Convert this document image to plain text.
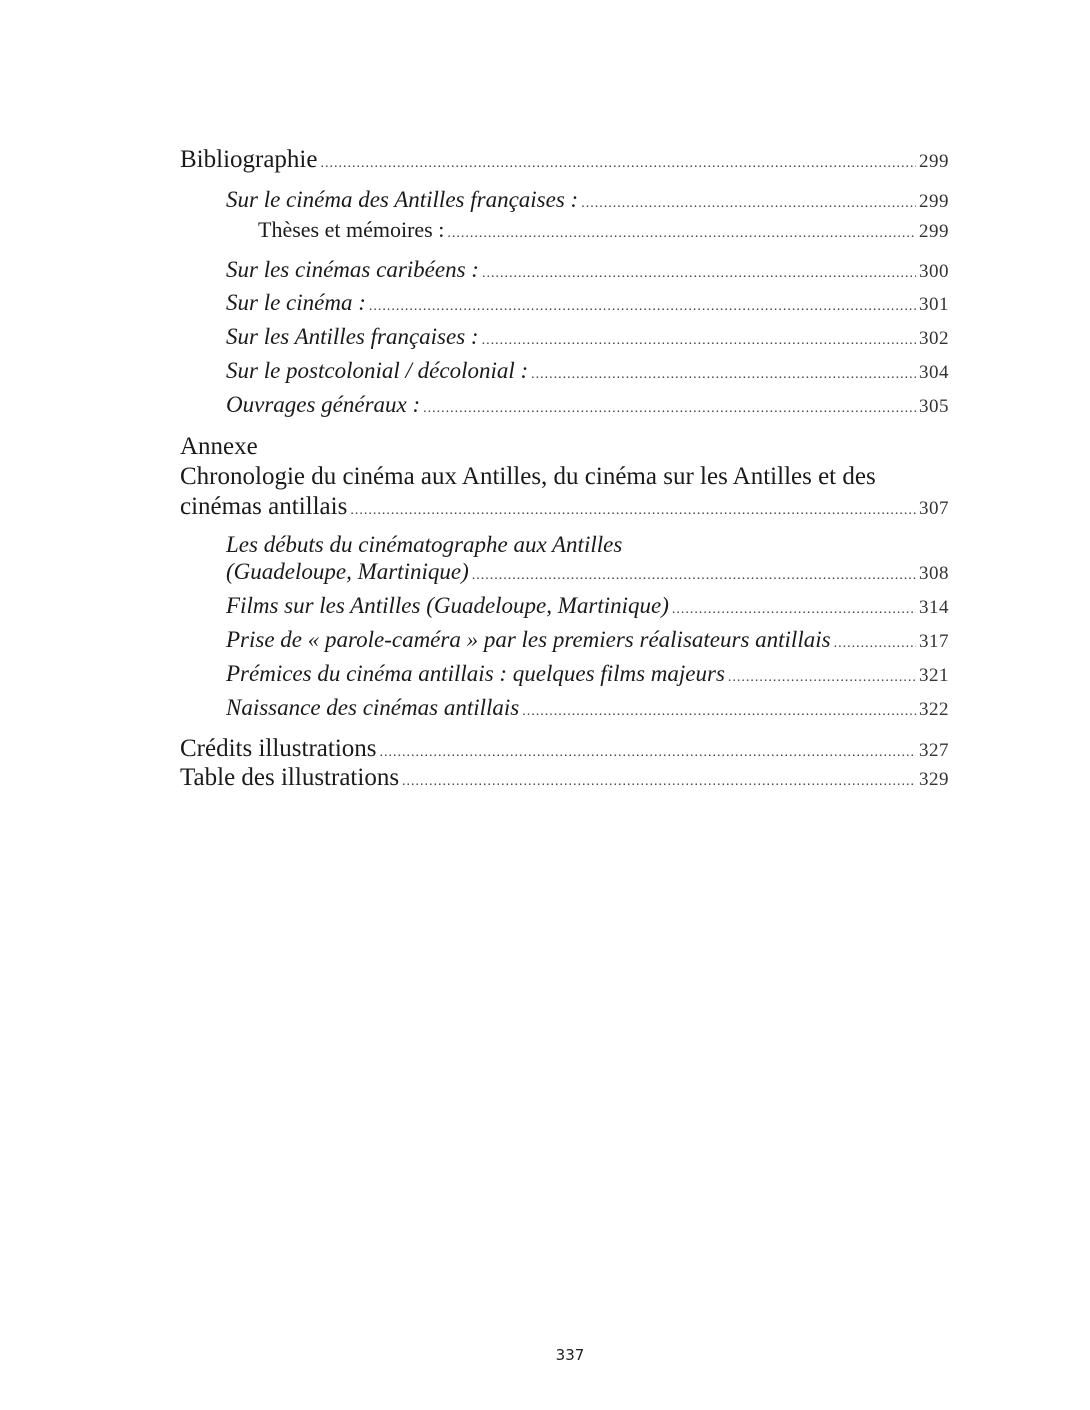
Bibliographie .....	299
Sur le cinéma des Antilles françaises : .....	299
Thèses et mémoires : .....	299
Sur les cinémas caribéens : .....	300
Sur le cinéma : .....	301
Sur les Antilles françaises : .....	302
Sur le postcolonial / décolonial : .....	304
Ouvrages généraux : .....	305
Annexe
Chronologie du cinéma aux Antilles, du cinéma sur les Antilles et des
cinémas antillais .....	307
Les débuts du cinématographe aux Antilles
(Guadeloupe, Martinique) .....	308
Films sur les Antilles (Guadeloupe, Martinique) .....	314
Prise de « parole-caméra » par les premiers réalisateurs antillais .....	317
Prémices du cinéma antillais : quelques films majeurs .....	321
Naissance des cinémas antillais .....	322
Crédits illustrations .....	327
Table des illustrations .....	329
337
